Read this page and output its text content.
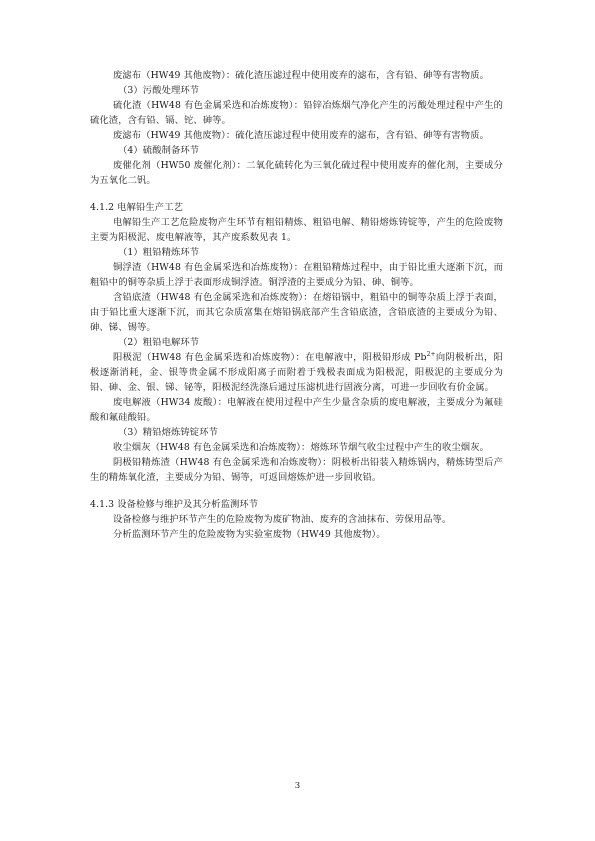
废滤布（HW49 其他废物）：硫化渣压滤过程中使用废弃的滤布，含有铅、砷等有害物质。

（3）污酸处理环节

硫化渣（HW48 有色金属采选和冶炼废物）：铅锌冶炼烟气净化产生的污酸处理过程中产生的硫化渣，含有铅、镉、铊、砷等。

废滤布（HW49 其他废物）：硫化渣压滤过程中使用废弃的滤布，含有铅、砷等有害物质。

（4）硫酸制备环节

废催化剂（HW50 废催化剂）：二氧化硫转化为三氧化硫过程中使用废弃的催化剂，主要成分为五氧化二钒。

4.1.2 电解铅生产工艺

电解铅生产工艺危险废物产生环节有粗铅精炼、粗铅电解、精铅熔炼铸锭等，产生的危险废物主要为阳极泥、废电解液等，其产废系数见表 1。

（1）粗铅精炼环节

铜浮渣（HW48 有色金属采选和冶炼废物）：在粗铅精炼过程中，由于铅比重大逐渐下沉，而粗铅中的铜等杂质上浮于表面形成铜浮渣。铜浮渣的主要成分为铅、砷、铜等。

含铅底渣（HW48 有色金属采选和冶炼废物）：在熔铅锅中，粗铅中的铜等杂质上浮于表面，由于铅比重大逐渐下沉，而其它杂质富集在熔铅锅底部产生含铅底渣，含铅底渣的主要成分为铅、砷、锑、锡等。

（2）粗铅电解环节

阳极泥（HW48 有色金属采选和冶炼废物）：在电解液中，阳极铅形成 $Pb^{2+}$向阴极析出，阳极逐渐消耗，金、银等贵金属不形成阳离子而附着于残极表面成为阳极泥，阳极泥的主要成分为铅、砷、金、银、锑、铋等，阳极泥经洗涤后通过压滤机进行固液分离，可进一步回收有价金属。

废电解液（HW34 废酸）：电解液在使用过程中产生少量含杂质的废电解液，主要成分为氟硅酸和氟硅酸铅。

（3）精铅熔炼铸锭环节

收尘烟灰（HW48 有色金属采选和冶炼废物）：熔炼环节烟气收尘过程中产生的收尘烟灰。

阴极铅精炼渣（HW48 有色金属采选和冶炼废物）：阴极析出铅装入精炼锅内，精炼铸型后产生的精炼氧化渣，主要成分为铅、锡等，可返回熔炼炉进一步回收铅。

4.1.3 设备检修与维护及其分析监测环节

设备检修与维护环节产生的危险废物为废矿物油、废弃的含油抹布、劳保用品等。

分析监测环节产生的危险废物为实验室废物（HW49 其他废物）。

3
